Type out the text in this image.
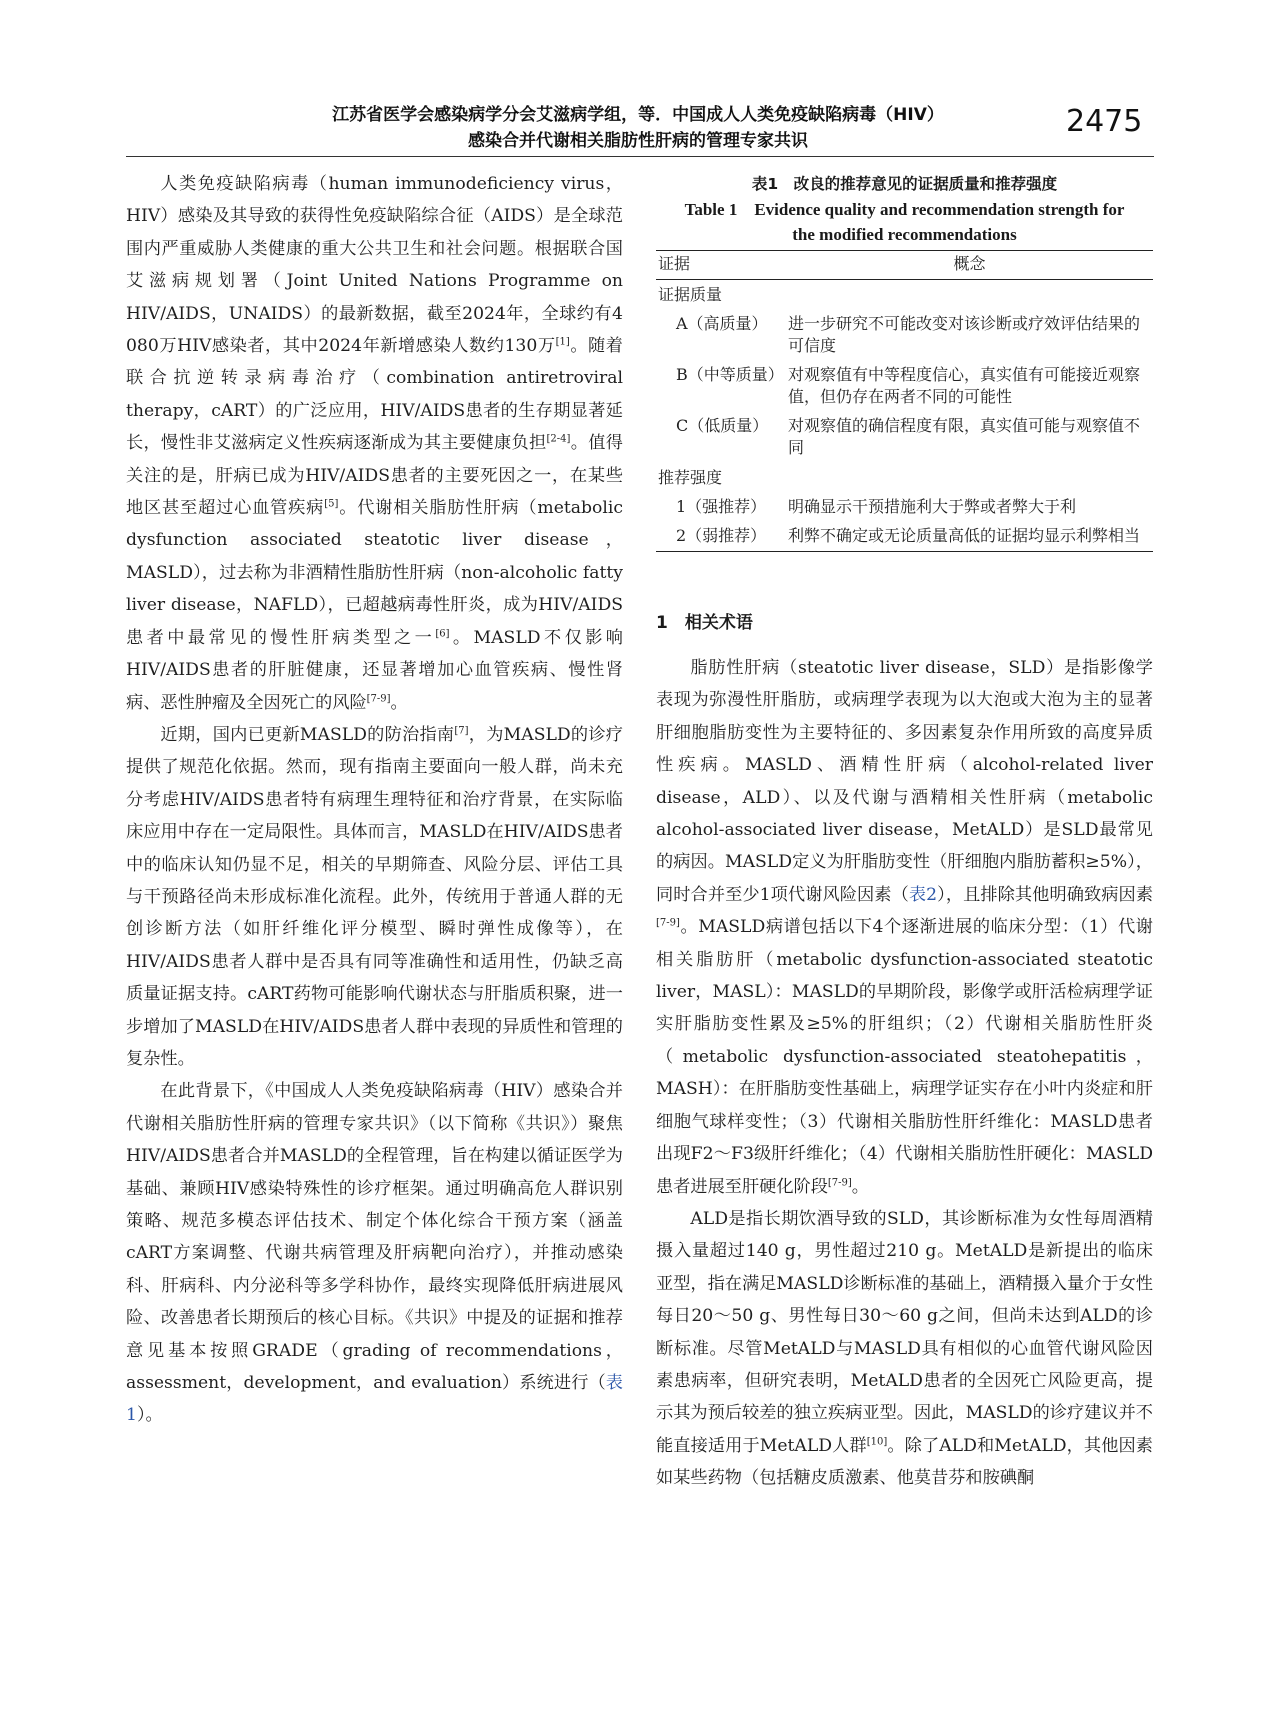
江苏省医学会感染病学分会艾滋病学组，等．中国成人人类免疫缺陷病毒（HIV）
感染合并代谢相关脂肪性肝病的管理专家共识
2475

人类免疫缺陷病毒（human immunodeficiency virus，HIV）感染及其导致的获得性免疫缺陷综合征（AIDS）是全球范围内严重威胁人类健康的重大公共卫生和社会问题。根据联合国艾滋病规划署（Joint United Nations Programme on HIV/AIDS，UNAIDS）的最新数据，截至2024年，全球约有4 080万HIV感染者，其中2024年新增感染人数约130万[1]。随着联合抗逆转录病毒治疗（combination antiretroviral therapy，cART）的广泛应用，HIV/AIDS患者的生存期显著延长，慢性非艾滋病定义性疾病逐渐成为其主要健康负担[2-4]。值得关注的是，肝病已成为HIV/AIDS患者的主要死因之一，在某些地区甚至超过心血管疾病[5]。代谢相关脂肪性肝病（metabolic dysfunction associated steatotic liver disease，MASLD），过去称为非酒精性脂肪性肝病（non-alcoholic fatty liver disease，NAFLD），已超越病毒性肝炎，成为HIV/AIDS患者中最常见的慢性肝病类型之一[6]。MASLD不仅影响HIV/AIDS患者的肝脏健康，还显著增加心血管疾病、慢性肾病、恶性肿瘤及全因死亡的风险[7-9]。

近期，国内已更新MASLD的防治指南[7]，为MASLD的诊疗提供了规范化依据。然而，现有指南主要面向一般人群，尚未充分考虑HIV/AIDS患者特有病理生理特征和治疗背景，在实际临床应用中存在一定局限性。具体而言，MASLD在HIV/AIDS患者中的临床认知仍显不足，相关的早期筛查、风险分层、评估工具与干预路径尚未形成标准化流程。此外，传统用于普通人群的无创诊断方法（如肝纤维化评分模型、瞬时弹性成像等），在HIV/AIDS患者人群中是否具有同等准确性和适用性，仍缺乏高质量证据支持。cART药物可能影响代谢状态与肝脂质积聚，进一步增加了MASLD在HIV/AIDS患者人群中表现的异质性和管理的复杂性。

在此背景下，《中国成人人类免疫缺陷病毒（HIV）感染合并代谢相关脂肪性肝病的管理专家共识》（以下简称《共识》）聚焦HIV/AIDS患者合并MASLD的全程管理，旨在构建以循证医学为基础、兼顾HIV感染特殊性的诊疗框架。通过明确高危人群识别策略、规范多模态评估技术、制定个体化综合干预方案（涵盖cART方案调整、代谢共病管理及肝病靶向治疗），并推动感染科、肝病科、内分泌科等多学科协作，最终实现降低肝病进展风险、改善患者长期预后的核心目标。《共识》中提及的证据和推荐意见基本按照GRADE（grading of recommendations，assessment，development，and evaluation）系统进行（表1）。

表1　改良的推荐意见的证据质量和推荐强度
Table 1　Evidence quality and recommendation strength for
the modified recommendations
证据	概念
证据质量	
A（高质量）	进一步研究不可能改变对该诊断或疗效评估结果的可信度
B（中等质量）	对观察值有中等程度信心，真实值有可能接近观察值，但仍存在两者不同的可能性
C（低质量）	对观察值的确信程度有限，真实值可能与观察值不同
推荐强度	
1（强推荐）	明确显示干预措施利大于弊或者弊大于利
2（弱推荐）	利弊不确定或无论质量高低的证据均显示利弊相当
1　相关术语

脂肪性肝病（steatotic liver disease，SLD）是指影像学表现为弥漫性肝脂肪，或病理学表现为以大泡或大泡为主的显著肝细胞脂肪变性为主要特征的、多因素复杂作用所致的高度异质性疾病。MASLD、酒精性肝病（alcohol-related liver disease，ALD）、以及代谢与酒精相关性肝病（metabolic alcohol-associated liver disease，MetALD）是SLD最常见的病因。MASLD定义为肝脂肪变性（肝细胞内脂肪蓄积≥5%），同时合并至少1项代谢风险因素（表2），且排除其他明确致病因素[7-9]。MASLD病谱包括以下4个逐渐进展的临床分型：（1）代谢相关脂肪肝（metabolic dysfunction-associated steatotic liver，MASL）：MASLD的早期阶段，影像学或肝活检病理学证实肝脂肪变性累及≥5%的肝组织；（2）代谢相关脂肪性肝炎（metabolic dysfunction-associated steatohepatitis，MASH）：在肝脂肪变性基础上，病理学证实存在小叶内炎症和肝细胞气球样变性；（3）代谢相关脂肪性肝纤维化：MASLD患者出现F2～F3级肝纤维化；（4）代谢相关脂肪性肝硬化：MASLD患者进展至肝硬化阶段[7-9]。

ALD是指长期饮酒导致的SLD，其诊断标准为女性每周酒精摄入量超过140 g，男性超过210 g。MetALD是新提出的临床亚型，指在满足MASLD诊断标准的基础上，酒精摄入量介于女性每日20～50 g、男性每日30～60 g之间，但尚未达到ALD的诊断标准。尽管MetALD与MASLD具有相似的心血管代谢风险因素患病率，但研究表明，MetALD患者的全因死亡风险更高，提示其为预后较差的独立疾病亚型。因此，MASLD的诊疗建议并不能直接适用于MetALD人群[10]。除了ALD和MetALD，其他因素如某些药物（包括糖皮质激素、他莫昔芬和胺碘酮
